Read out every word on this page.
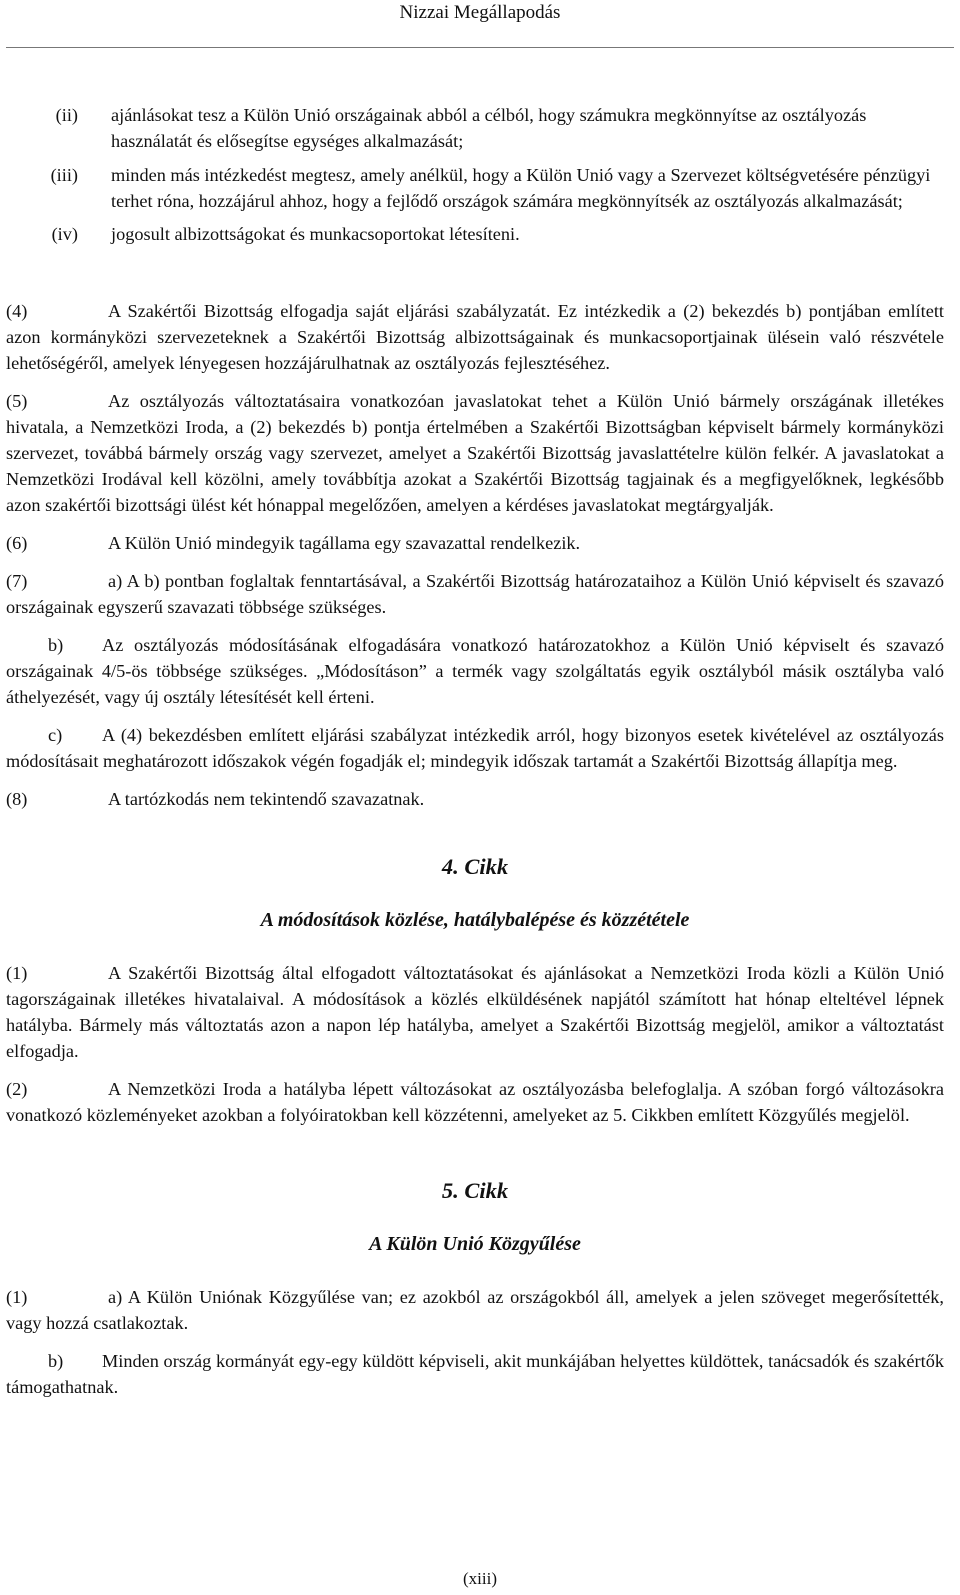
Nizzai Megállapodás
(ii)	ajánlásokat tesz a Külön Unió országainak abból a célból, hogy számukra megkönnyítse az osztályozás használatát és elősegítse egységes alkalmazását;
(iii)	minden más intézkedést megtesz, amely anélkül, hogy a Külön Unió vagy a Szervezet költségvetésére pénzügyi terhet róna, hozzájárul ahhoz, hogy a fejlődő országok számára megkönnyítsék az osztályozás alkalmazását;
(iv)	jogosult albizottságokat és munkacsoportokat létesíteni.

(4)	A Szakértői Bizottság elfogadja saját eljárási szabályzatát. Ez intézkedik a (2) bekezdés b) pontjában említett azon kormányközi szervezeteknek a Szakértői Bizottság albizottságainak és munkacsoportjainak ülésein való részvétele lehetőségéről, amelyek lényegesen hozzájárulhatnak az osztályozás fejlesztéséhez.

(5)	Az osztályozás változtatásaira vonatkozóan javaslatokat tehet a Külön Unió bármely országának illetékes hivatala, a Nemzetközi Iroda, a (2) bekezdés b) pontja értelmében a Szakértői Bizottságban képviselt bármely kormányközi szervezet, továbbá bármely ország vagy szervezet, amelyet a Szakértői Bizottság javaslattételre külön felkér. A javaslatokat a Nemzetközi Irodával kell közölni, amely továbbítja azokat a Szakértői Bizottság tagjainak és a megfigyelőknek, legkésőbb azon szakértői bizottsági ülést két hónappal megelőzően, amelyen a kérdéses javaslatokat megtárgyalják.

(6)	A Külön Unió mindegyik tagállama egy szavazattal rendelkezik.

(7)	a) A b) pontban foglaltak fenntartásával, a Szakértői Bizottság határozataihoz a Külön Unió képviselt és szavazó országainak egyszerű szavazati többsége szükséges.

b) Az osztályozás módosításának elfogadására vonatkozó határozatokhoz a Külön Unió képviselt és szavazó országainak 4/5-ös többsége szükséges. „Módosításon” a termék vagy szolgáltatás egyik osztályból másik osztályba való áthelyezését, vagy új osztály létesítését kell érteni.

c) A (4) bekezdésben említett eljárási szabályzat intézkedik arról, hogy bizonyos esetek kivételével az osztályozás módosításait meghatározott időszakok végén fogadják el; mindegyik időszak tartamát a Szakértői Bizottság állapítja meg.

(8)	A tartózkodás nem tekintendő szavazatnak.

4. Cikk
A módosítások közlése, hatálybalépése és közzététele

(1)	A Szakértői Bizottság által elfogadott változtatásokat és ajánlásokat a Nemzetközi Iroda közli a Külön Unió tagországainak illetékes hivatalaival. A módosítások a közlés elküldésének napjától számított hat hónap elteltével lépnek hatályba. Bármely más változtatás azon a napon lép hatályba, amelyet a Szakértői Bizottság megjelöl, amikor a változtatást elfogadja.

(2)	A Nemzetközi Iroda a hatályba lépett változásokat az osztályozásba belefoglalja. A szóban forgó változásokra vonatkozó közleményeket azokban a folyóiratokban kell közzétenni, amelyeket az 5. Cikkben említett Közgyűlés megjelöl.

5. Cikk
A Külön Unió Közgyűlése

(1)	a) A Külön Uniónak Közgyűlése van; ez azokból az országokból áll, amelyek a jelen szöveget megerősítették, vagy hozzá csatlakoztak.

b) Minden ország kormányát egy-egy küldött képviseli, akit munkájában helyettes küldöttek, tanácsadók és szakértők támogathatnak.

(xiii)
